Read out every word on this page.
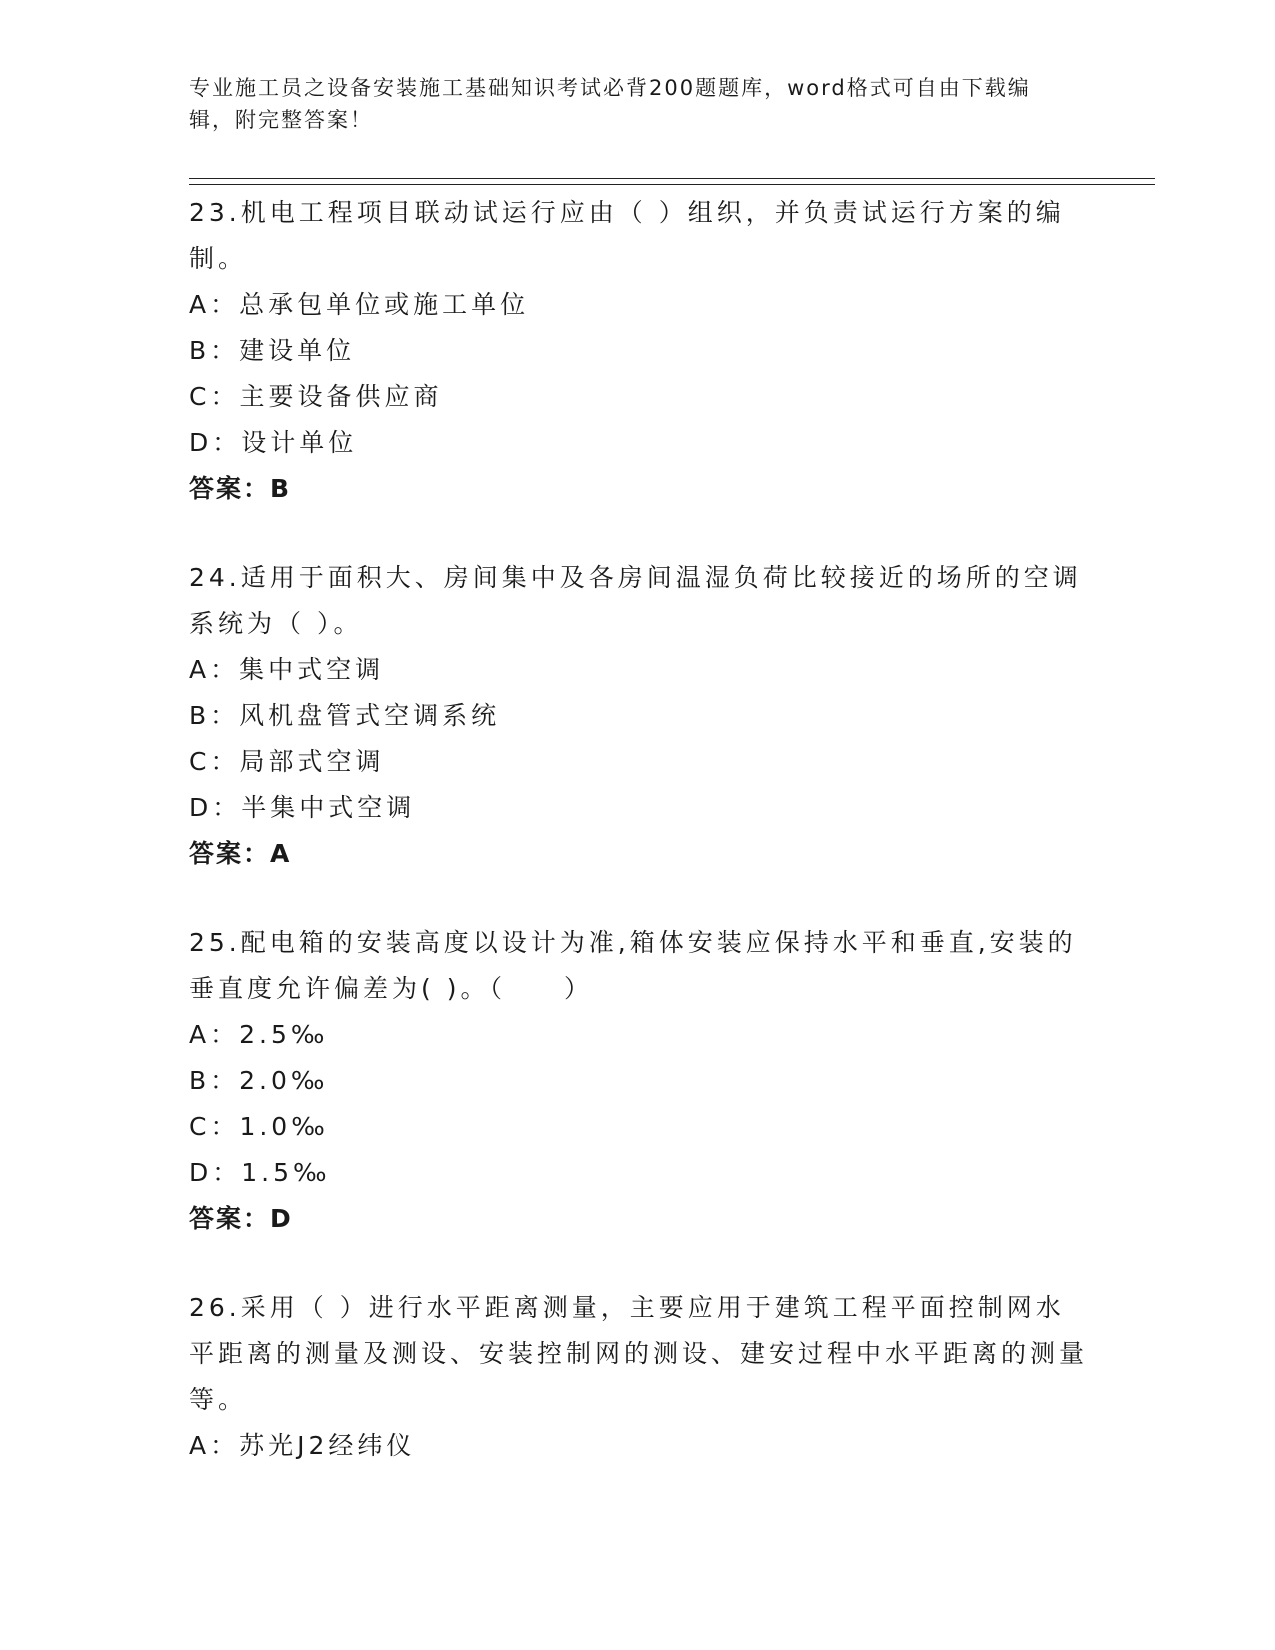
专业施工员之设备安装施工基础知识考试必背200题题库，word格式可自由下载编辑，附完整答案！
23.机电工程项目联动试运行应由（ ）组织，并负责试运行方案的编制。
A：总承包单位或施工单位
B：建设单位
C：主要设备供应商
D：设计单位
答案：B
24.适用于面积大、房间集中及各房间温湿负荷比较接近的场所的空调系统为（ ）。
A：集中式空调
B：风机盘管式空调系统
C：局部式空调
D：半集中式空调
答案：A
25.配电箱的安装高度以设计为准,箱体安装应保持水平和垂直,安装的垂直度允许偏差为( )。（　　）
A：2.5‰
B：2.0‰
C：1.0‰
D：1.5‰
答案：D
26.采用（ ）进行水平距离测量，主要应用于建筑工程平面控制网水平距离的测量及测设、安装控制网的测设、建安过程中水平距离的测量等。
A：苏光J2经纬仪
